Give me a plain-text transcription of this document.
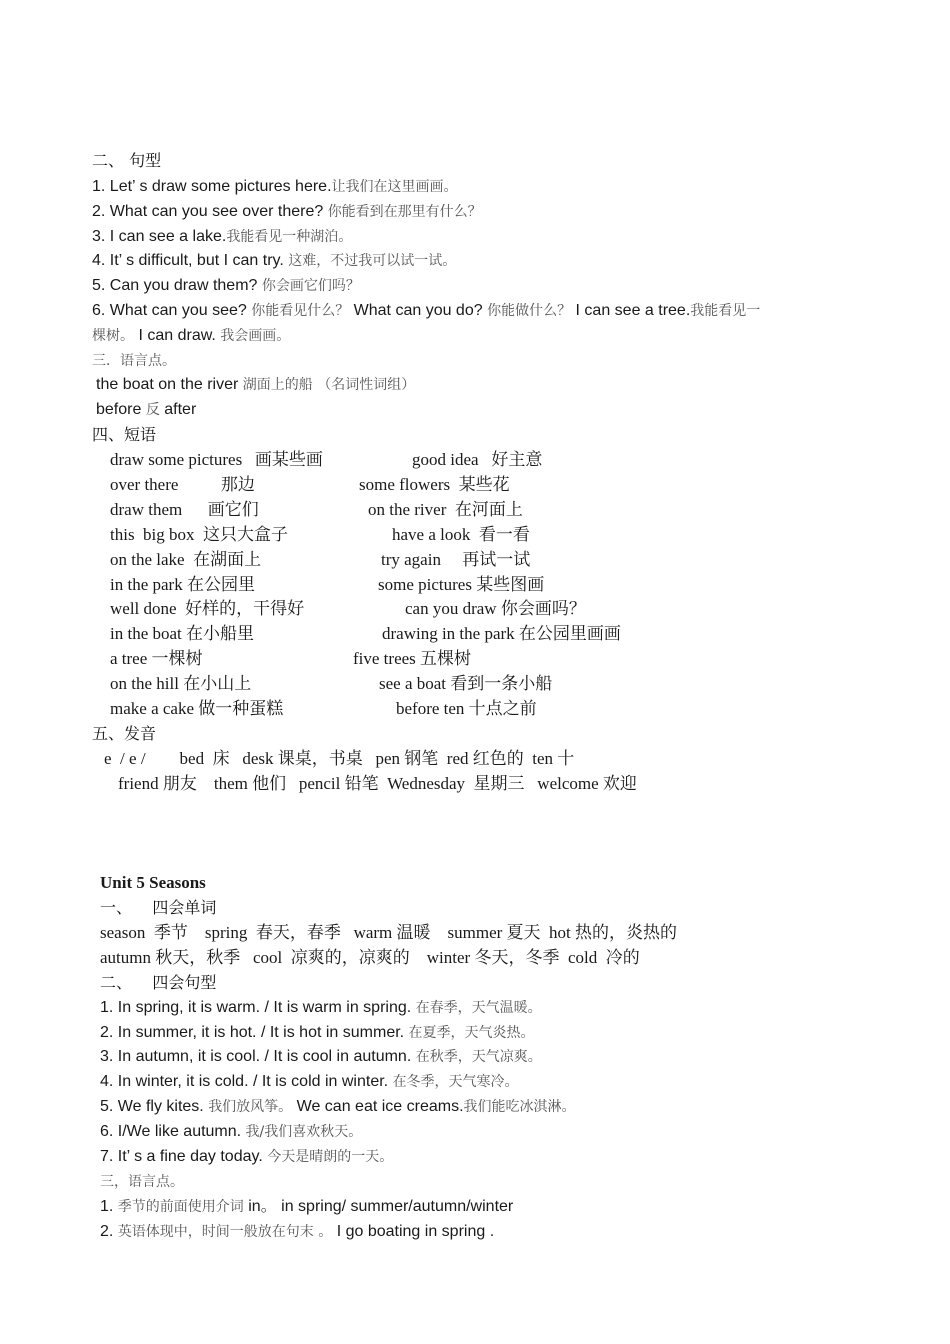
二、 句型
1. Let’ s draw some pictures here.让我们在这里画画。
2. What can you see over there? 你能看到在那里有什么？
3. I can see a lake.我能看见一种湖泊。
4. It’ s difficult, but I can try. 这难，不过我可以试一试。
5. Can you draw them? 你会画它们吗？
6. What can you see? 你能看见什么？ What can you do? 你能做什么？ I can see a tree.我能看见一
棵树。 I can draw. 我会画画。
三．语言点。
the boat on the river 湖面上的船 （名词性词组）
before 反 after
四、短语
draw some pictures   画某些画	good idea   好主意
over there          那边	some flowers  某些花
draw them      画它们	on the river  在河面上
this  big box  这只大盒子	have a look  看一看
on the lake  在湖面上	try again     再试一试
in the park 在公园里	some pictures 某些图画
well done  好样的，干得好	can you draw 你会画吗？
in the boat 在小船里	drawing in the park 在公园里画画
a tree 一棵树	five trees 五棵树
on the hill 在小山上	see a boat 看到一条小船
make a cake 做一种蛋糕	before ten 十点之前
五、发音
e  / e /        bed  床   desk 课桌，书桌   pen 钢笔  red 红色的  ten 十
friend 朋友    them 他们   pencil 铅笔  Wednesday  星期三   welcome 欢迎
Unit 5 Seasons
一、    四会单词
season  季节    spring  春天，春季   warm 温暖    summer 夏天  hot 热的，炎热的
autumn 秋天，秋季   cool  凉爽的，凉爽的    winter 冬天，冬季  cold  冷的
二、    四会句型
1. In spring, it is warm. / It is warm in spring. 在春季，天气温暖。
2. In summer, it is hot. / It is hot in summer. 在夏季，天气炎热。
3. In autumn, it is cool. / It is cool in autumn. 在秋季，天气凉爽。
4. In winter, it is cold. / It is cold in winter. 在冬季，天气寒冷。
5. We fly kites. 我们放风筝。 We can eat ice creams.我们能吃冰淇淋。
6. I/We like autumn. 我/我们喜欢秋天。
7. It’ s a fine day today. 今天是晴朗的一天。
三，语言点。
1. 季节的前面使用介词 in。 in spring/ summer/autumn/winter
2. 英语体现中，时间一般放在句末 。 I go boating in spring .
